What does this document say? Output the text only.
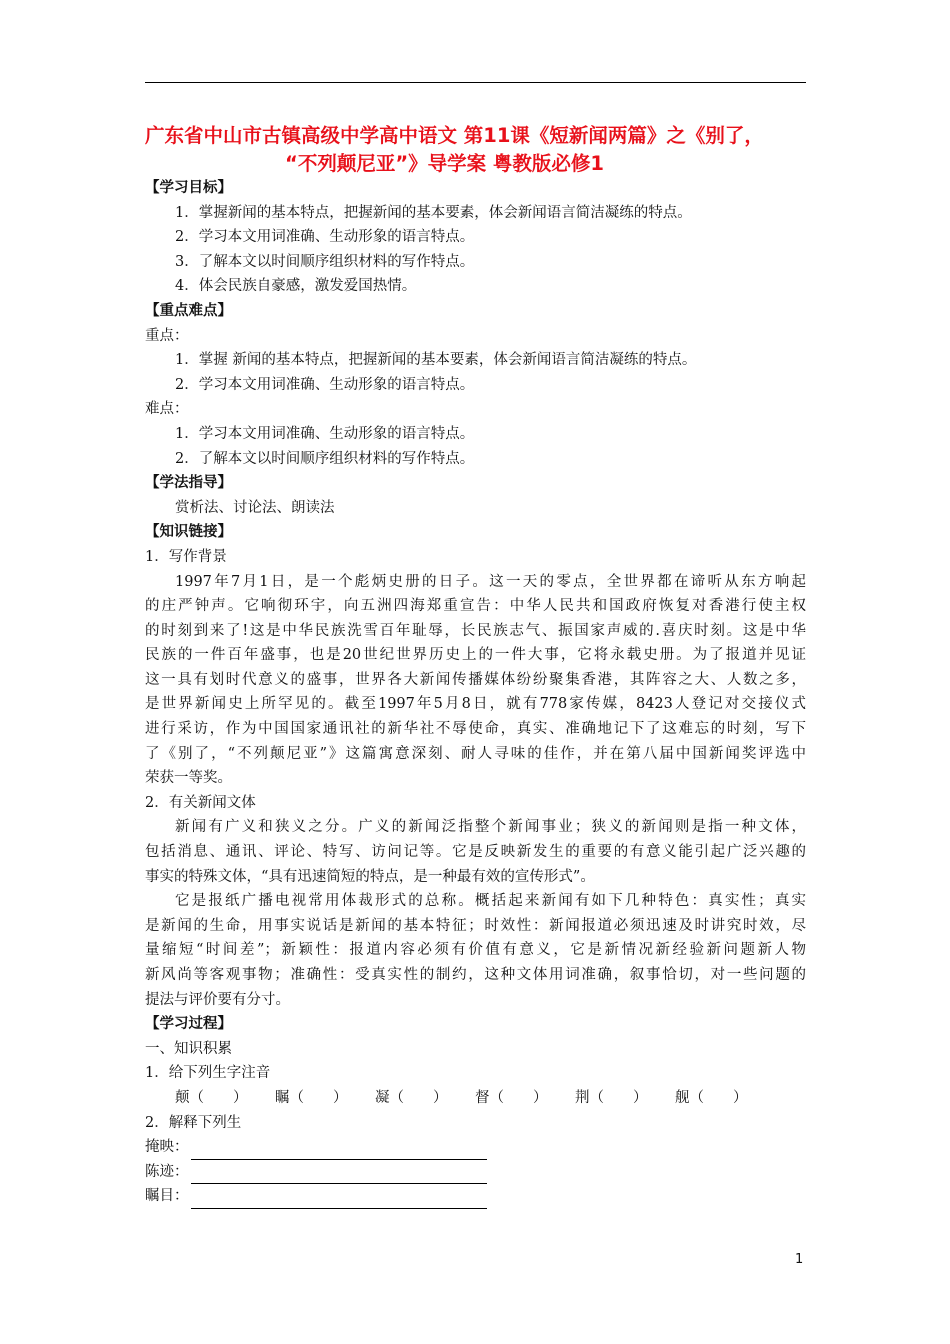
广东省中山市古镇高级中学高中语文 第11课《短新闻两篇》之《别了，
“不列颠尼亚”》导学案 粤教版必修1
【学习目标】
1．掌握新闻的基本特点，把握新闻的基本要素，体会新闻语言简洁凝练的特点。
2．学习本文用词准确、生动形象的语言特点。
3．了解本文以时间顺序组织材料的写作特点。
4．体会民族自豪感，激发爱国热情。
【重点难点】
重点：
1．掌握 新闻的基本特点，把握新闻的基本要素，体会新闻语言简洁凝练的特点。
2．学习本文用词准确、生动形象的语言特点。
难点：
1．学习本文用词准确、生动形象的语言特点。
2．了解本文以时间顺序组织材料的写作特点。
【学法指导】
赏析法、讨论法、朗读法
【知识链接】
1．写作背景
1997年7月1日，是一个彪炳史册的日子。这一天的零点，全世界都在谛听从东方响起
的庄严钟声。它响彻环宇，向五洲四海郑重宣告：中华人民共和国政府恢复对香港行使主权
的时刻到来了!这是中华民族洗雪百年耻辱，长民族志气、振国家声威的.喜庆时刻。这是中华
民族的一件百年盛事，也是20世纪世界历史上的一件大事，它将永载史册。为了报道并见证
这一具有划时代意义的盛事，世界各大新闻传播媒体纷纷聚集香港，其阵容之大、人数之多，
是世界新闻史上所罕见的。截至1997年5月8日，就有778家传媒，8423人登记对交接仪式
进行采访，作为中国国家通讯社的新华社不辱使命，真实、准确地记下了这难忘的时刻，写下
了《别了，“不列颠尼亚”》这篇寓意深刻、耐人寻味的佳作，并在第八届中国新闻奖评选中
荣获一等奖。
2．有关新闻文体
新闻有广义和狭义之分。广义的新闻泛指整个新闻事业；狭义的新闻则是指一种文体，
包括消息、通讯、评论、特写、访问记等。它是反映新发生的重要的有意义能引起广泛兴趣的
事实的特殊文体，“具有迅速简短的特点，是一种最有效的宣传形式”。
它是报纸广播电视常用体裁形式的总称。概括起来新闻有如下几种特色：真实性；真实
是新闻的生命，用事实说话是新闻的基本特征；时效性：新闻报道必须迅速及时讲究时效，尽
量缩短“时间差”；新颖性：报道内容必须有价值有意义，它是新情况新经验新问题新人物
新风尚等客观事物；准确性：受真实性的制约，这种文体用词准确，叙事恰切，对一些问题的
提法与评价要有分寸。
【学习过程】
一、知识积累
1．给下列生字注音
颠（　　） 瞩（　　） 凝（　　） 督（　　） 荆（　　） 舰（　　）
2．解释下列生
掩映：
陈迹：
瞩目：
1
